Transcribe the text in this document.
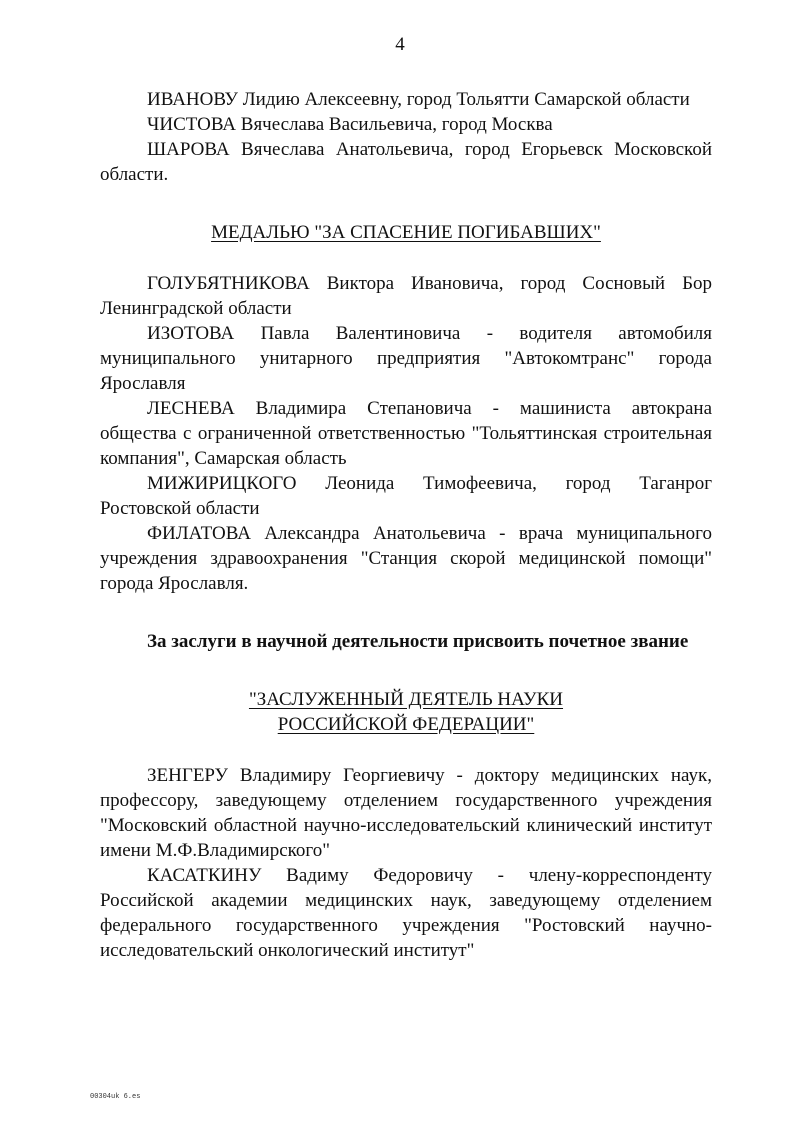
4

ИВАНОВУ Лидию Алексеевну, город Тольятти Самарской области

ЧИСТОВА Вячеслава Васильевича, город Москва

ШАРОВА Вячеслава Анатольевича, город Егорьевск Московской области.

МЕДАЛЬЮ "ЗА СПАСЕНИЕ ПОГИБАВШИХ"

ГОЛУБЯТНИКОВА Виктора Ивановича, город Сосновый Бор Ленинградской области

ИЗОТОВА Павла Валентиновича - водителя автомобиля муниципального унитарного предприятия "Автокомтранс" города Ярославля

ЛЕСНЕВА Владимира Степановича - машиниста автокрана общества с ограниченной ответственностью "Тольяттинская строительная компания", Самарская область

МИЖИРИЦКОГО Леонида Тимофеевича, город Таганрог Ростовской области

ФИЛАТОВА Александра Анатольевича - врача муниципального учреждения здравоохранения "Станция скорой медицинской помощи" города Ярославля.

За заслуги в научной деятельности присвоить почетное звание

"ЗАСЛУЖЕННЫЙ ДЕЯТЕЛЬ НАУКИ
РОССИЙСКОЙ ФЕДЕРАЦИИ"

ЗЕНГЕРУ Владимиру Георгиевичу - доктору медицинских наук, профессору, заведующему отделением государственного учреждения "Московский областной научно-исследовательский клинический институт имени М.Ф.Владимирского"

КАСАТКИНУ Вадиму Федоровичу - члену-корреспонденту Российской академии медицинских наук, заведующему отделением федерального государственного учреждения "Ростовский научно-исследовательский онкологический институт"

00304uk 6.es
